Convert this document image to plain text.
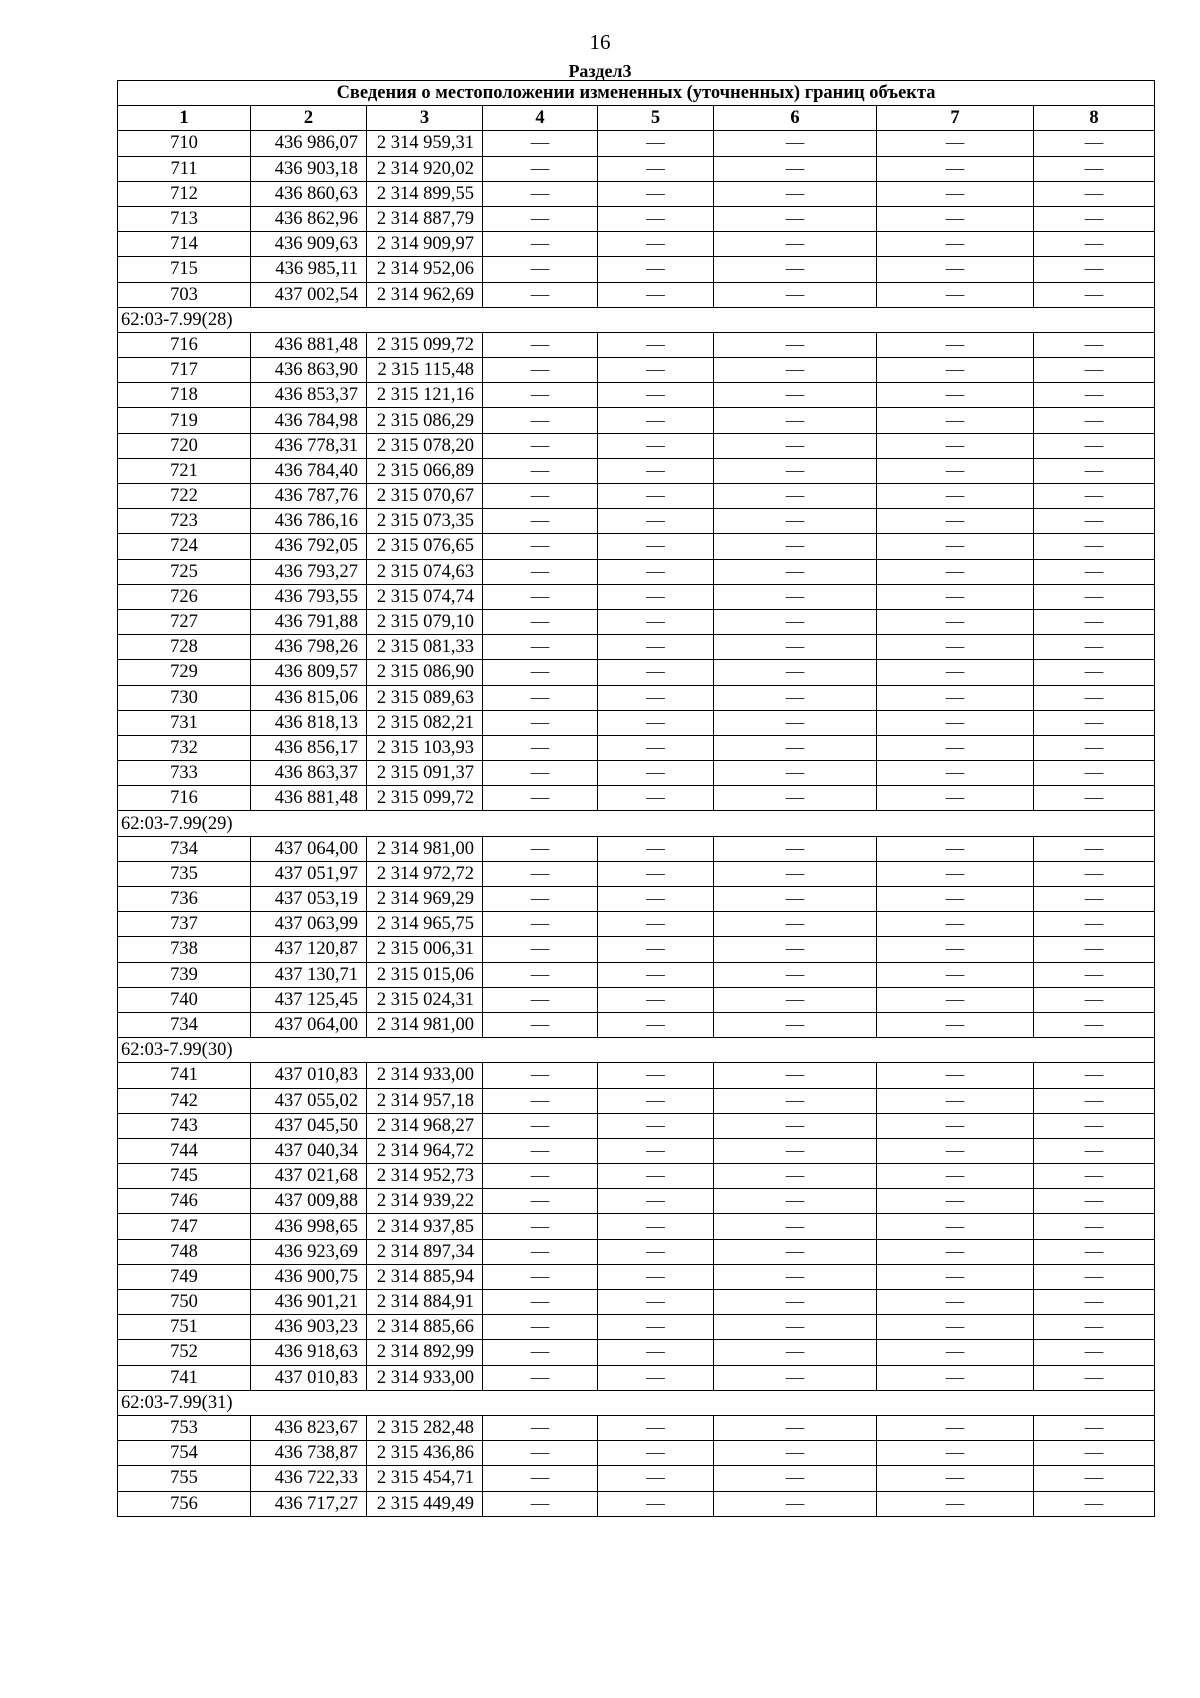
16
Раздел3
Сведения о местоположении измененных (уточненных) границ объекта							
1	2	3	4	5	6	7	8
710	436 986,07	2 314 959,31	—	—	—	—	—
711	436 903,18	2 314 920,02	—	—	—	—	—
712	436 860,63	2 314 899,55	—	—	—	—	—
713	436 862,96	2 314 887,79	—	—	—	—	—
714	436 909,63	2 314 909,97	—	—	—	—	—
715	436 985,11	2 314 952,06	—	—	—	—	—
703	437 002,54	2 314 962,69	—	—	—	—	—
62:03-7.99(28)							
716	436 881,48	2 315 099,72	—	—	—	—	—
717	436 863,90	2 315 115,48	—	—	—	—	—
718	436 853,37	2 315 121,16	—	—	—	—	—
719	436 784,98	2 315 086,29	—	—	—	—	—
720	436 778,31	2 315 078,20	—	—	—	—	—
721	436 784,40	2 315 066,89	—	—	—	—	—
722	436 787,76	2 315 070,67	—	—	—	—	—
723	436 786,16	2 315 073,35	—	—	—	—	—
724	436 792,05	2 315 076,65	—	—	—	—	—
725	436 793,27	2 315 074,63	—	—	—	—	—
726	436 793,55	2 315 074,74	—	—	—	—	—
727	436 791,88	2 315 079,10	—	—	—	—	—
728	436 798,26	2 315 081,33	—	—	—	—	—
729	436 809,57	2 315 086,90	—	—	—	—	—
730	436 815,06	2 315 089,63	—	—	—	—	—
731	436 818,13	2 315 082,21	—	—	—	—	—
732	436 856,17	2 315 103,93	—	—	—	—	—
733	436 863,37	2 315 091,37	—	—	—	—	—
716	436 881,48	2 315 099,72	—	—	—	—	—
62:03-7.99(29)							
734	437 064,00	2 314 981,00	—	—	—	—	—
735	437 051,97	2 314 972,72	—	—	—	—	—
736	437 053,19	2 314 969,29	—	—	—	—	—
737	437 063,99	2 314 965,75	—	—	—	—	—
738	437 120,87	2 315 006,31	—	—	—	—	—
739	437 130,71	2 315 015,06	—	—	—	—	—
740	437 125,45	2 315 024,31	—	—	—	—	—
734	437 064,00	2 314 981,00	—	—	—	—	—
62:03-7.99(30)							
741	437 010,83	2 314 933,00	—	—	—	—	—
742	437 055,02	2 314 957,18	—	—	—	—	—
743	437 045,50	2 314 968,27	—	—	—	—	—
744	437 040,34	2 314 964,72	—	—	—	—	—
745	437 021,68	2 314 952,73	—	—	—	—	—
746	437 009,88	2 314 939,22	—	—	—	—	—
747	436 998,65	2 314 937,85	—	—	—	—	—
748	436 923,69	2 314 897,34	—	—	—	—	—
749	436 900,75	2 314 885,94	—	—	—	—	—
750	436 901,21	2 314 884,91	—	—	—	—	—
751	436 903,23	2 314 885,66	—	—	—	—	—
752	436 918,63	2 314 892,99	—	—	—	—	—
741	437 010,83	2 314 933,00	—	—	—	—	—
62:03-7.99(31)							
753	436 823,67	2 315 282,48	—	—	—	—	—
754	436 738,87	2 315 436,86	—	—	—	—	—
755	436 722,33	2 315 454,71	—	—	—	—	—
756	436 717,27	2 315 449,49	—	—	—	—	—
